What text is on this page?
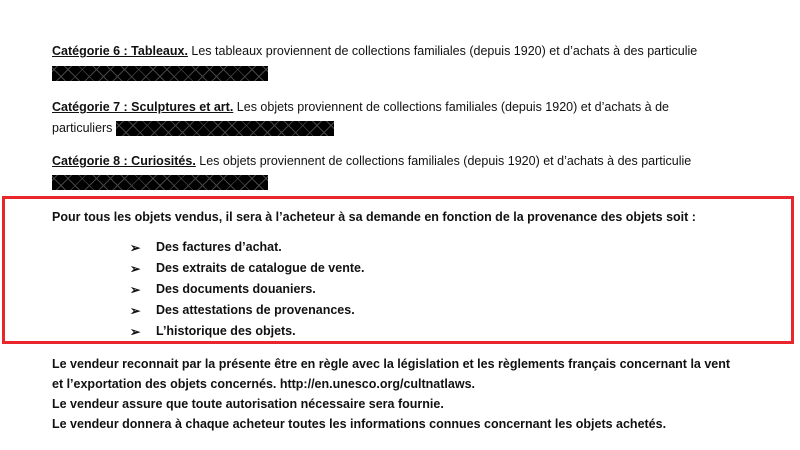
Catégorie 6 : Tableaux. Les tableaux proviennent de collections familiales (depuis 1920) et d’achats à des particulie
Catégorie 7 : Sculptures et art. Les objets proviennent de collections familiales (depuis 1920) et d’achats à de
particuliers
Catégorie 8 : Curiosités. Les objets proviennent de collections familiales (depuis 1920) et d’achats à des particulie
Pour tous les objets vendus, il sera à l’acheteur à sa demande en fonction de la provenance des objets soit :
➢ Des factures d’achat.
➢ Des extraits de catalogue de vente.
➢ Des documents douaniers.
➢ Des attestations de provenances.
➢ L’historique des objets.
Le vendeur reconnait par la présente être en règle avec la législation et les règlements français concernant la vent
et l’exportation des objets concernés. http://en.unesco.org/cultnatlaws.
Le vendeur assure que toute autorisation nécessaire sera fournie.
Le vendeur donnera à chaque acheteur toutes les informations connues concernant les objets achetés.
